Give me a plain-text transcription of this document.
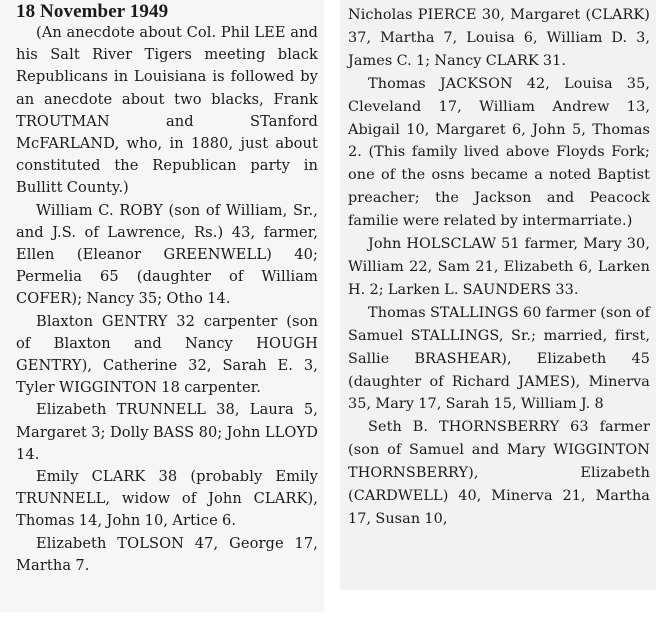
18 November 1949

(An anecdote about Col. Phil LEE and his Salt River Tigers meeting black Republicans in Louisiana is followed by an anecdote about two blacks, Frank TROUTMAN and STanford McFARLAND, who, in 1880, just about constituted the Republican party in Bullitt County.)

William C. ROBY (son of William, Sr., and J.S. of Lawrence, Rs.) 43, farmer, Ellen (Eleanor GREENWELL) 40; Permelia 65 (daughter of William COFER); Nancy 35; Otho 14.

Blaxton GENTRY 32 carpenter (son of Blaxton and Nancy HOUGH GENTRY), Catherine 32, Sarah E. 3, Tyler WIGGINTON 18 carpenter.

Elizabeth TRUNNELL 38, Laura 5, Margaret 3; Dolly BASS 80; John LLOYD 14.

Emily CLARK 38 (probably Emily TRUNNELL, widow of John CLARK), Thomas 14, John 10, Artice 6.

Elizabeth TOLSON 47, George 17, Martha 7.

Nicholas PIERCE 30, Margaret (CLARK) 37, Martha 7, Louisa 6, William D. 3, James C. 1; Nancy CLARK 31.

Thomas JACKSON 42, Louisa 35, Cleveland 17, William Andrew 13, Abigail 10, Margaret 6, John 5, Thomas 2. (This family lived above Floyds Fork; one of the osns became a noted Baptist preacher; the Jackson and Peacock familie were related by intermarriate.)

John HOLSCLAW 51 farmer, Mary 30, William 22, Sam 21, Elizabeth 6, Larken H. 2; Larken L. SAUNDERS 33.

Thomas STALLINGS 60 farmer (son of Samuel STALLINGS, Sr.; married, first, Sallie BRASHEAR), Elizabeth 45 (daughter of Richard JAMES), Minerva 35, Mary 17, Sarah 15, William J. 8

Seth B. THORNSBERRY 63 farmer (son of Samuel and Mary WIGGINTON THORNSBERRY), Elizabeth (CARDWELL) 40, Minerva 21, Martha 17, Susan 10,
